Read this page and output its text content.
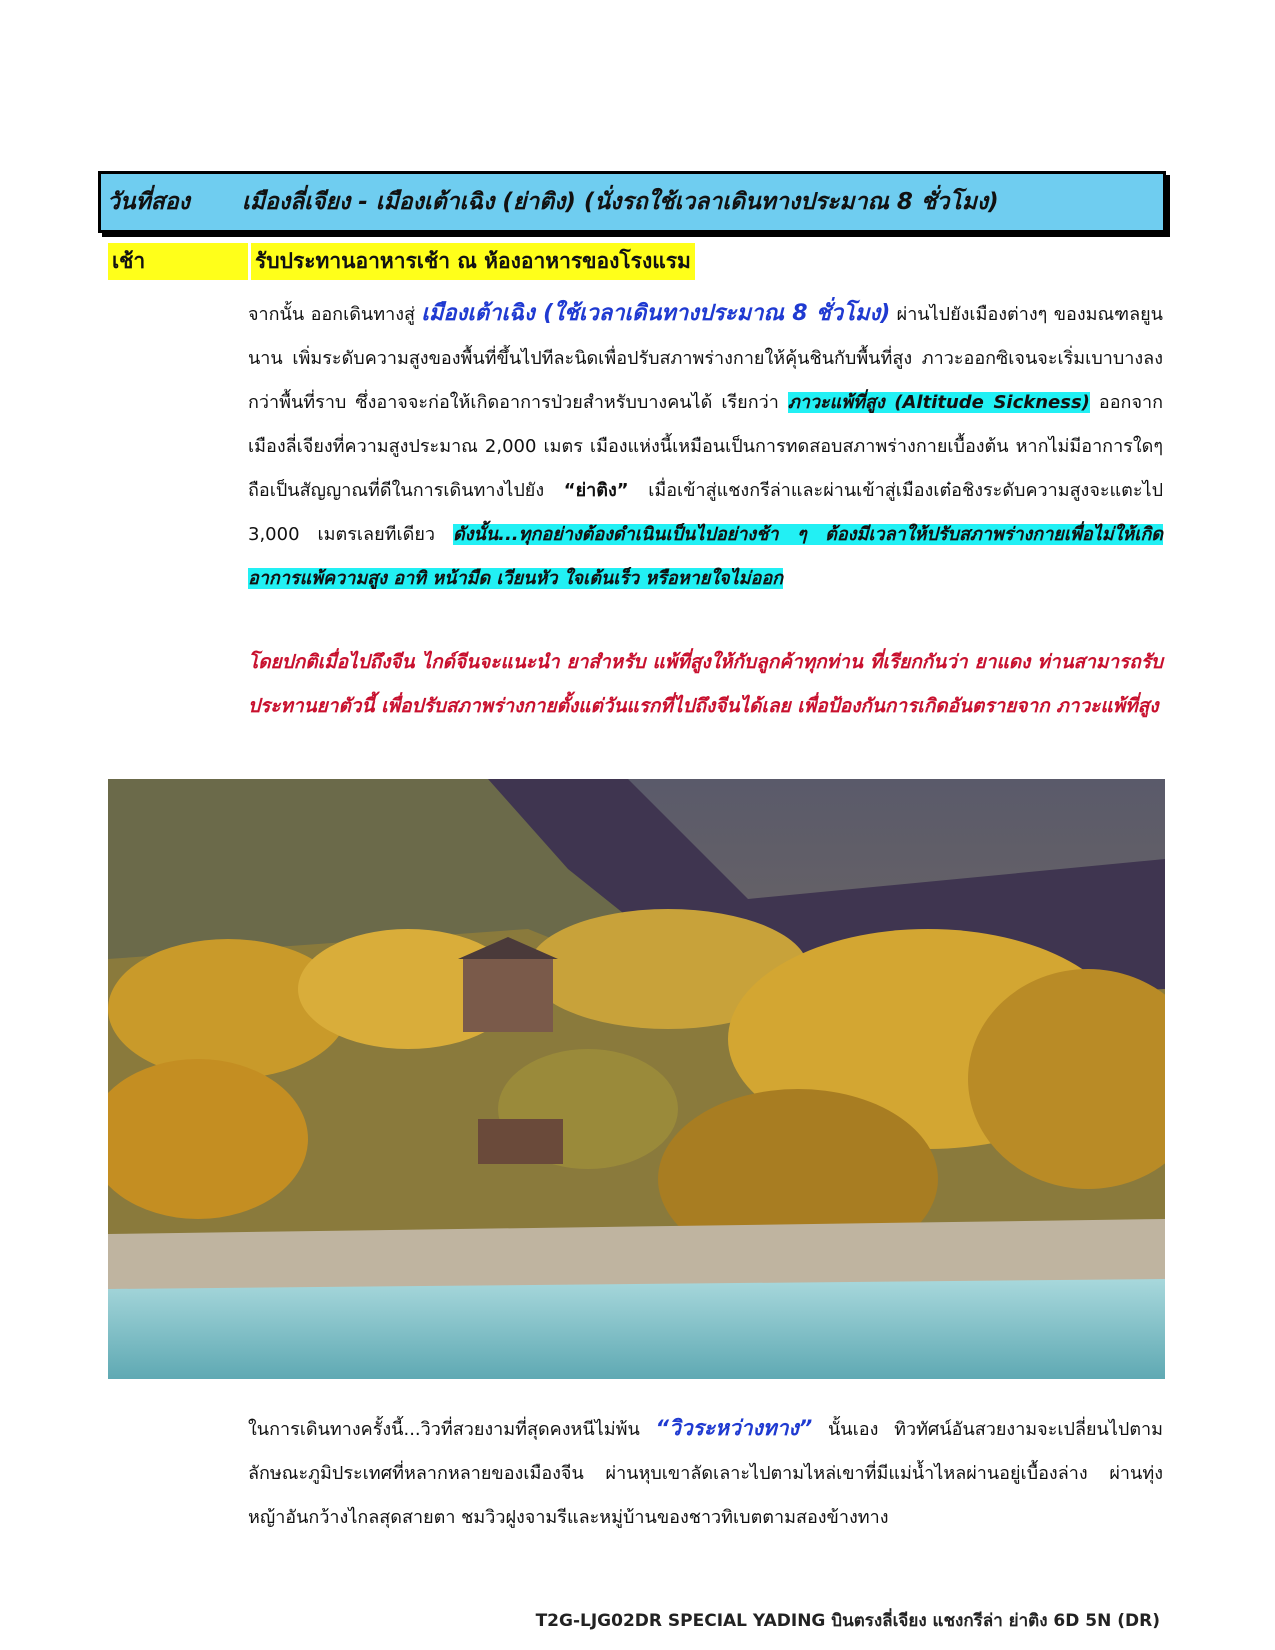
วันที่สอง	เมืองลี่เจียง - เมืองเต้าเฉิง (ย่าติง) (นั่งรถใช้เวลาเดินทางประมาณ 8 ชั่วโมง)
เช้า	รับประทานอาหารเช้า ณ ห้องอาหารของโรงแรม
จากนั้น ออกเดินทางสู่ เมืองเต้าเฉิง (ใช้เวลาเดินทางประมาณ 8 ชั่วโมง) ผ่านไปยังเมืองต่างๆ ของมณฑลยูนนาน เพิ่มระดับความสูงของพื้นที่ขึ้นไปทีละนิดเพื่อปรับสภาพร่างกายให้คุ้นชินกับพื้นที่สูง ภาวะออกซิเจนจะเริ่มเบาบางลงกว่าพื้นที่ราบ ซึ่งอาจจะก่อให้เกิดอาการป่วยสำหรับบางคนได้ เรียกว่า ภาวะแพ้ที่สูง (Altitude Sickness) ออกจากเมืองลี่เจียงที่ความสูงประมาณ 2,000 เมตร เมืองแห่งนี้เหมือนเป็นการทดสอบสภาพร่างกายเบื้องต้น หากไม่มีอาการใดๆ ถือเป็นสัญญาณที่ดีในการเดินทางไปยัง “ย่าติง” เมื่อเข้าสู่แชงกรีล่าและผ่านเข้าสู่เมืองเต๋อชิงระดับความสูงจะแตะไป 3,000 เมตรเลยทีเดียว ดังนั้น...ทุกอย่างต้องดำเนินเป็นไปอย่างช้า ๆ ต้องมีเวลาให้ปรับสภาพร่างกายเพื่อไม่ให้เกิดอาการแพ้ความสูง อาทิ หน้ามืด เวียนหัว ใจเต้นเร็ว หรือหายใจไม่ออก
โดยปกติเมื่อไปถึงจีน ไกด์จีนจะแนะนำ ยาสำหรับ แพ้ที่สูงให้กับลูกค้าทุกท่าน ที่เรียกกันว่า ยาแดง ท่านสามารถรับประทานยาตัวนี้ เพื่อปรับสภาพร่างกายตั้งแต่วันแรกที่ไปถึงจีนได้เลย เพื่อป้องกันการเกิดอันตรายจาก ภาวะแพ้ที่สูง
ในการเดินทางครั้งนี้...วิวที่สวยงามที่สุดคงหนีไม่พ้น “วิวระหว่างทาง” นั้นเอง ทิวทัศน์อันสวยงามจะเปลี่ยนไปตามลักษณะภูมิประเทศที่หลากหลายของเมืองจีน ผ่านหุบเขาลัดเลาะไปตามไหล่เขาที่มีแม่น้ำไหลผ่านอยู่เบื้องล่าง ผ่านทุ่งหญ้าอันกว้างไกลสุดสายตา ชมวิวฝูงจามรีและหมู่บ้านของชาวทิเบตตามสองข้างทาง
T2G-LJG02DR SPECIAL YADING บินตรงลี่เจียง แชงกรีล่า ย่าติง 6D 5N (DR)
